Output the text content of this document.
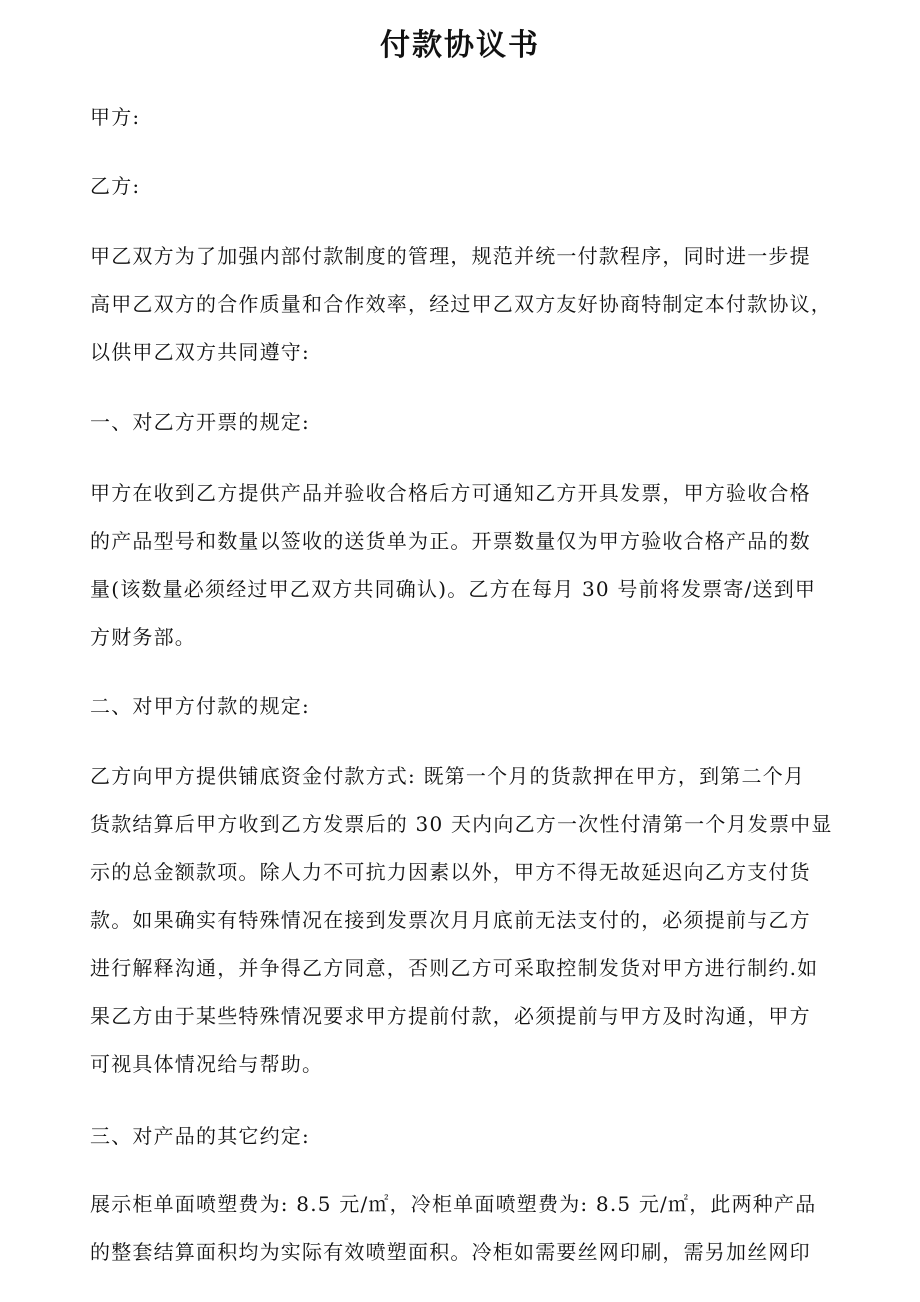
付款协议书
甲方:
乙方:
甲乙双方为了加强内部付款制度的管理，规范并统一付款程序，同时进一步提
高甲乙双方的合作质量和合作效率，经过甲乙双方友好协商特制定本付款协议，
以供甲乙双方共同遵守:
一、对乙方开票的规定:
甲方在收到乙方提供产品并验收合格后方可通知乙方开具发票，甲方验收合格
的产品型号和数量以签收的送货单为正。开票数量仅为甲方验收合格产品的数
量(该数量必须经过甲乙双方共同确认)。乙方在每月 30 号前将发票寄/送到甲
方财务部。
二、对甲方付款的规定:
乙方向甲方提供铺底资金付款方式: 既第一个月的货款押在甲方，到第二个月
货款结算后甲方收到乙方发票后的 30 天内向乙方一次性付清第一个月发票中显
示的总金额款项。除人力不可抗力因素以外，甲方不得无故延迟向乙方支付货
款。如果确实有特殊情况在接到发票次月月底前无法支付的，必须提前与乙方
进行解释沟通，并争得乙方同意，否则乙方可采取控制发货对甲方进行制约.如
果乙方由于某些特殊情况要求甲方提前付款，必须提前与甲方及时沟通，甲方
可视具体情况给与帮助。
三、对产品的其它约定:
展示柜单面喷塑费为: 8.5 元/㎡，冷柜单面喷塑费为: 8.5 元/㎡，此两种产品
的整套结算面积均为实际有效喷塑面积。冷柜如需要丝网印刷，需另加丝网印
